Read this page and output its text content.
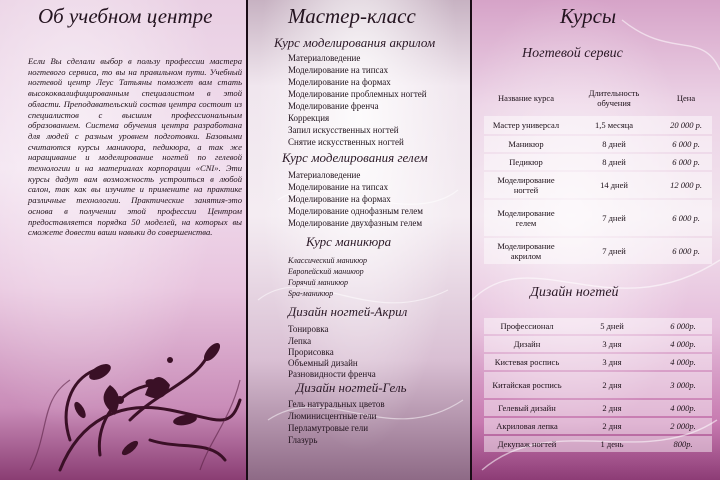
Об учебном центре

Если Вы сделали выбор в пользу профессии мастера ногтевого сервиса, то вы на правильном пути. Учебный ногтевой центр Леус Татьяны поможет вам стать высококвалифицированным специалистом в этой области. Преподавательский состав центра состоит из специалистов с высшим профессиональным образованием. Система обучения центра разработана для людей с разным уровнем подготовки. Базовыми считаются курсы маникюра, педикюра, а так же наращивание и моделирование ногтей по гелевой технологии и на материалах корпорации «CNI». Эти курсы дадут вам возможность устроиться в любой салон, так как вы изучите и примените на практике различные технологии. Практические занятия-это основа в получении этой профессии Центром предоставляется порядка 50 моделей, на которых вы сможете довести ваши навыки до совершенства.

Мастер-класс
Курс моделирования акрилом
Материаловедение
Моделирование на типсах
Моделирование на формах
Моделирование проблемных ногтей
Моделирование френча
Коррекция
Запил искусственных ногтей
Снятие искусственных ногтей
Курс моделирования гелем
Материаловедение
Моделирование на типсах
Моделирование на формах
Моделирование однофазным гелем
Моделирование двухфазным гелем
Курс маникюра
Классический маникюр
Европейский маникюр
Горячий маникюр
Spa-маникюр
Дизайн ногтей-Акрил
Тонировка
Лепка
Прорисовка
Объемный дизайн
Разновидности френча
Дизайн ногтей-Гель
Гель натуральных цветов
Люминисцентные гели
Перламутровые гели
Глазурь
Курсы
Ногтевой сервис
Название курса	Длительность обучения	Цена
Мастер универсал	1,5 месяца	20 000 р.
Маникюр	8 дней	6 000 р.
Педикюр	8 дней	6 000 р.
Моделирование ногтей	14 дней	12 000 р.
Моделирование гелем	7 дней	6 000 р.
Моделирование акрилом	7 дней	6 000 р.
Дизайн ногтей
Профессионал	5 дней	6 000р.
Дизайн	3 дня	4 000р.
Кистевая роспись	3 дня	4 000р.
Китайская роспись	2 дня	3 000р.
Гелевый дизайн	2 дня	4 000р.
Акриловая лепка	2 дня	2 000р.
Декупаж ногтей	1 день	800р.
